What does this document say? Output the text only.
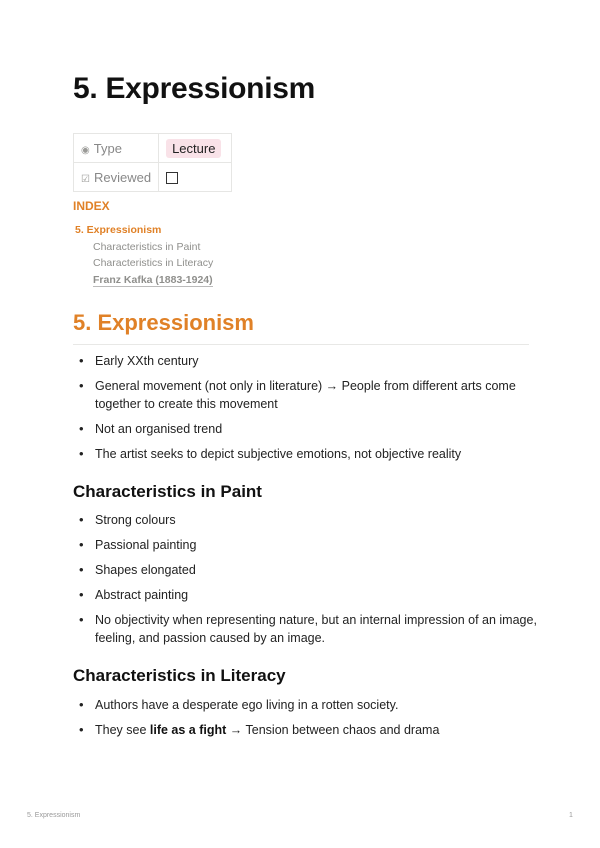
5. Expressionism
◉ Type	Lecture
☑ Reviewed	
INDEX
5. Expressionism
Characteristics in Paint
Characteristics in Literacy
Franz Kafka (1883-1924)
5. Expressionism
• Early XXth century
• General movement (not only in literature) → People from different arts come together to create this movement
• Not an organised trend
• The artist seeks to depict subjective emotions, not objective reality
Characteristics in Paint
• Strong colours
• Passional painting
• Shapes elongated
• Abstract painting
• No objectivity when representing nature, but an internal impression of an image, feeling, and passion caused by an image.
Characteristics in Literacy
• Authors have a desperate ego living in a rotten society.
• They see life as a fight → Tension between chaos and drama
5. Expressionism	1
